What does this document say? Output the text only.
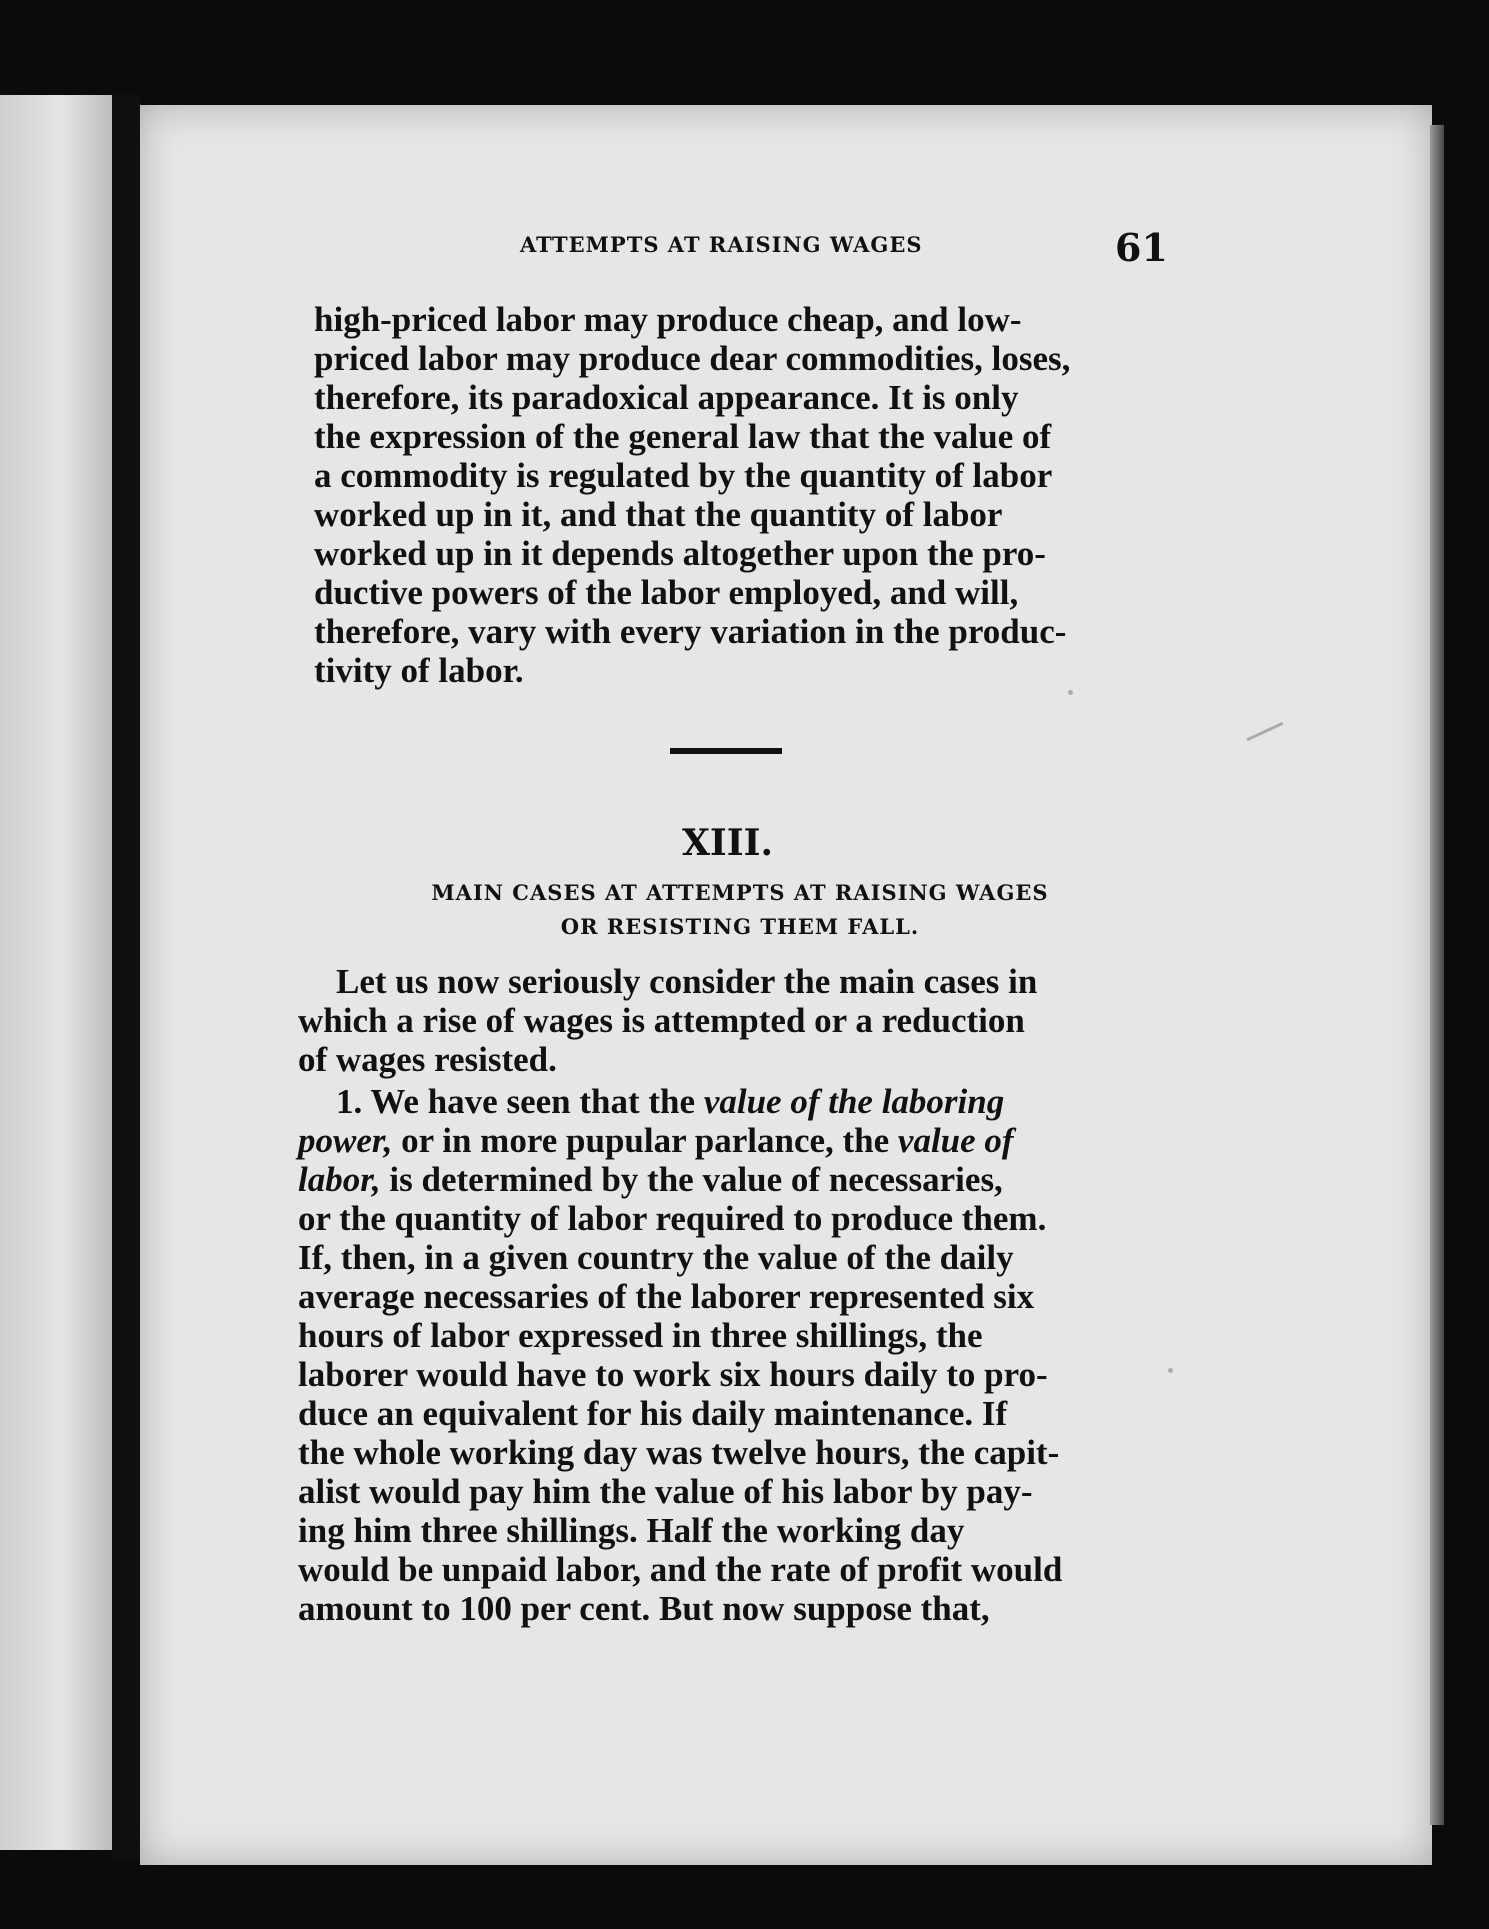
ATTEMPTS AT RAISING WAGES	61
high-priced labor may produce cheap, and low-
priced labor may produce dear commodities, loses,
therefore, its paradoxical appearance. It is only
the expression of the general law that the value of
a commodity is regulated by the quantity of labor
worked up in it, and that the quantity of labor
worked up in it depends altogether upon the pro-
ductive powers of the labor employed, and will,
therefore, vary with every variation in the produc-
tivity of labor.
XIII.
MAIN CASES AT ATTEMPTS AT RAISING WAGES
OR RESISTING THEM FALL.
Let us now seriously consider the main cases in
which a rise of wages is attempted or a reduction
of wages resisted.
1. We have seen that the value of the laboring
power, or in more pupular parlance, the value of
labor, is determined by the value of necessaries,
or the quantity of labor required to produce them.
If, then, in a given country the value of the daily
average necessaries of the laborer represented six
hours of labor expressed in three shillings, the
laborer would have to work six hours daily to pro-
duce an equivalent for his daily maintenance. If
the whole working day was twelve hours, the capit-
alist would pay him the value of his labor by pay-
ing him three shillings. Half the working day
would be unpaid labor, and the rate of profit would
amount to 100 per cent. But now suppose that,
